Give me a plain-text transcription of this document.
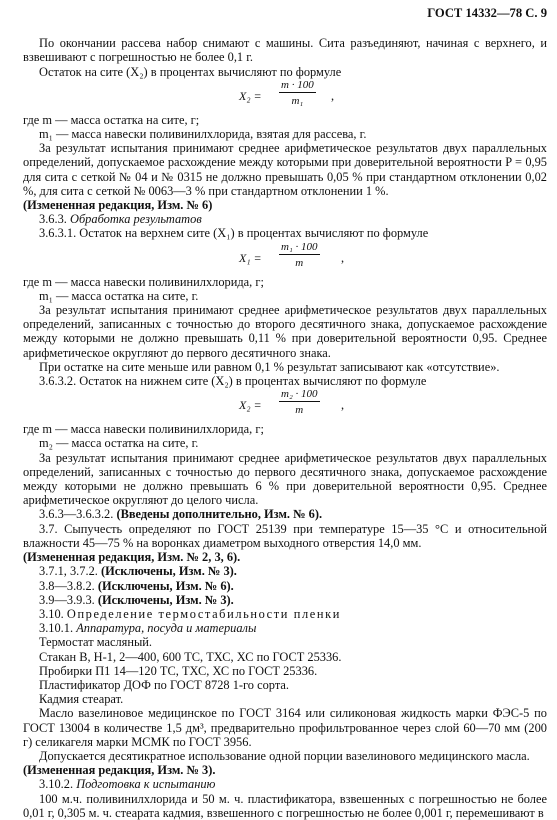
ГОСТ 14332—78 С. 9

По окончании рассева набор снимают с машины. Сита разъединяют, начиная с верхнего, и взвешивают с погрешностью не более 0,1 г.

Остаток на сите (X₂) в процентах вычисляют по формуле

X₂ =
m · 100
m₁	,

где m — масса остатка на сите, г;

m₁ — масса навески поливинилхлорида, взятая для рассева, г.

За результат испытания принимают среднее арифметическое результатов двух параллельных определений, допускаемое расхождение между которыми при доверительной вероятности P = 0,95 для сита с сеткой № 04 и № 0315 не должно превышать 0,05 % при стандартном отклонении 0,02 %, для сита с сеткой № 0063—3 % при стандартном отклонении 1 %.

(Измененная редакция, Изм. № 6)

3.6.3. Обработка результатов

3.6.3.1. Остаток на верхнем сите (X₁) в процентах вычисляют по формуле

X₁ =
m₁ · 100
m	,

где m — масса навески поливинилхлорида, г;

m₁ — масса остатка на сите, г.

За результат испытания принимают среднее арифметическое результатов двух параллельных определений, записанных с точностью до второго десятичного знака, допускаемое расхождение между которыми не должно превышать 0,11 % при доверительной вероятности 0,95. Среднее арифметическое округляют до первого десятичного знака.

При остатке на сите меньше или равном 0,1 % результат записывают как «отсутствие».

3.6.3.2. Остаток на нижнем сите (X₂) в процентах вычисляют по формуле

X₂ =
m₂ · 100
m	,

где m — масса навески поливинилхлорида, г;

m₂ — масса остатка на сите, г.

За результат испытания принимают среднее арифметическое результатов двух параллельных определений, записанных с точностью до первого десятичного знака, допускаемое расхождение между которыми не должно превышать 6 % при доверительной вероятности 0,95. Среднее арифметическое округляют до целого числа.

3.6.3—3.6.3.2. (Введены дополнительно, Изм. № 6).

3.7. Сыпучесть определяют по ГОСТ 25139 при температуре 15—35 °С и относительной влажности 45—75 % на воронках диаметром выходного отверстия 14,0 мм.

(Измененная редакция, Изм. № 2, 3, 6).

3.7.1, 3.7.2. (Исключены, Изм. № 3).

3.8—3.8.2. (Исключены, Изм. № 6).

3.9—3.9.3. (Исключены, Изм. № 3).

3.10. Определение термостабильности пленки

3.10.1. Аппаратура, посуда и материалы

Термостат масляный.

Стакан В, Н-1, 2—400, 600 ТС, ТХС, ХС по ГОСТ 25336.

Пробирки П1 14—120 ТС, ТХС, ХС по ГОСТ 25336.

Пластификатор ДОФ по ГОСТ 8728 1-го сорта.

Кадмия стеарат.

Масло вазелиновое медицинское по ГОСТ 3164 или силиконовая жидкость марки ФЭС-5 по ГОСТ 13004 в количестве 1,5 дм³, предварительно профильтрованное через слой 60—70 мм (200 г) селикагеля марки МСМК по ГОСТ 3956.

Допускается десятикратное использование одной порции вазелинового медицинского масла.

(Измененная редакция, Изм. № 3).

3.10.2. Подготовка к испытанию

100 м.ч. поливинилхлорида и 50 м. ч. пластификатора, взвешенных с погрешностью не более 0,01 г, 0,305 м. ч. стеарата кадмия, взвешенного с погрешностью не более 0,001 г, перемешивают в
